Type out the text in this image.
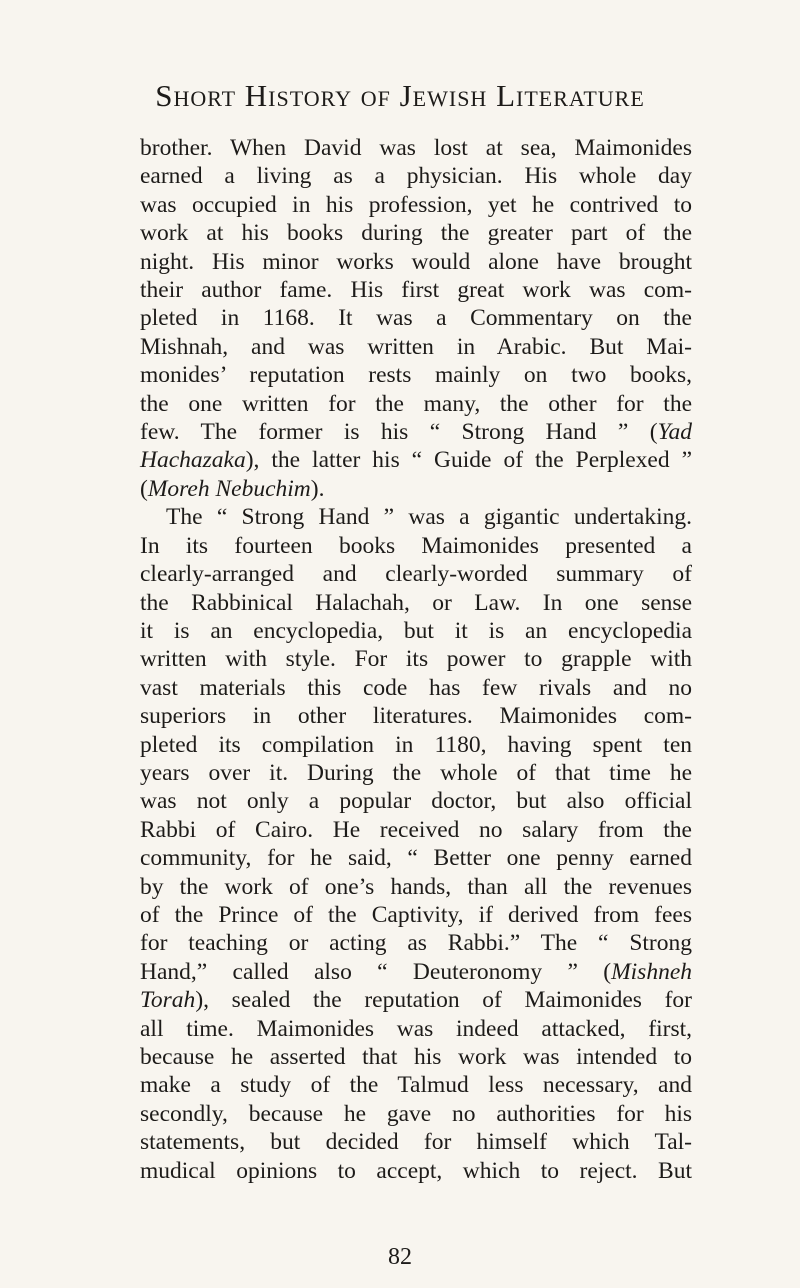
Short History of Jewish Literature
brother. When David was lost at sea, Maimonides
earned a living as a physician. His whole day
was occupied in his profession, yet he contrived to
work at his books during the greater part of the
night. His minor works would alone have brought
their author fame. His first great work was com-
pleted in 1168. It was a Commentary on the
Mishnah, and was written in Arabic. But Mai-
monides’ reputation rests mainly on two books,
the one written for the many, the other for the
few. The former is his “ Strong Hand ” (Yad
Hachazaka), the latter his “ Guide of the Perplexed ”
(Moreh Nebuchim).
The “ Strong Hand ” was a gigantic undertaking.
In its fourteen books Maimonides presented a
clearly-arranged and clearly-worded summary of
the Rabbinical Halachah, or Law. In one sense
it is an encyclopedia, but it is an encyclopedia
written with style. For its power to grapple with
vast materials this code has few rivals and no
superiors in other literatures. Maimonides com-
pleted its compilation in 1180, having spent ten
years over it. During the whole of that time he
was not only a popular doctor, but also official
Rabbi of Cairo. He received no salary from the
community, for he said, “ Better one penny earned
by the work of one’s hands, than all the revenues
of the Prince of the Captivity, if derived from fees
for teaching or acting as Rabbi.” The “ Strong
Hand,” called also “ Deuteronomy ” (Mishneh
Torah), sealed the reputation of Maimonides for
all time. Maimonides was indeed attacked, first,
because he asserted that his work was intended to
make a study of the Talmud less necessary, and
secondly, because he gave no authorities for his
statements, but decided for himself which Tal-
mudical opinions to accept, which to reject. But
82
